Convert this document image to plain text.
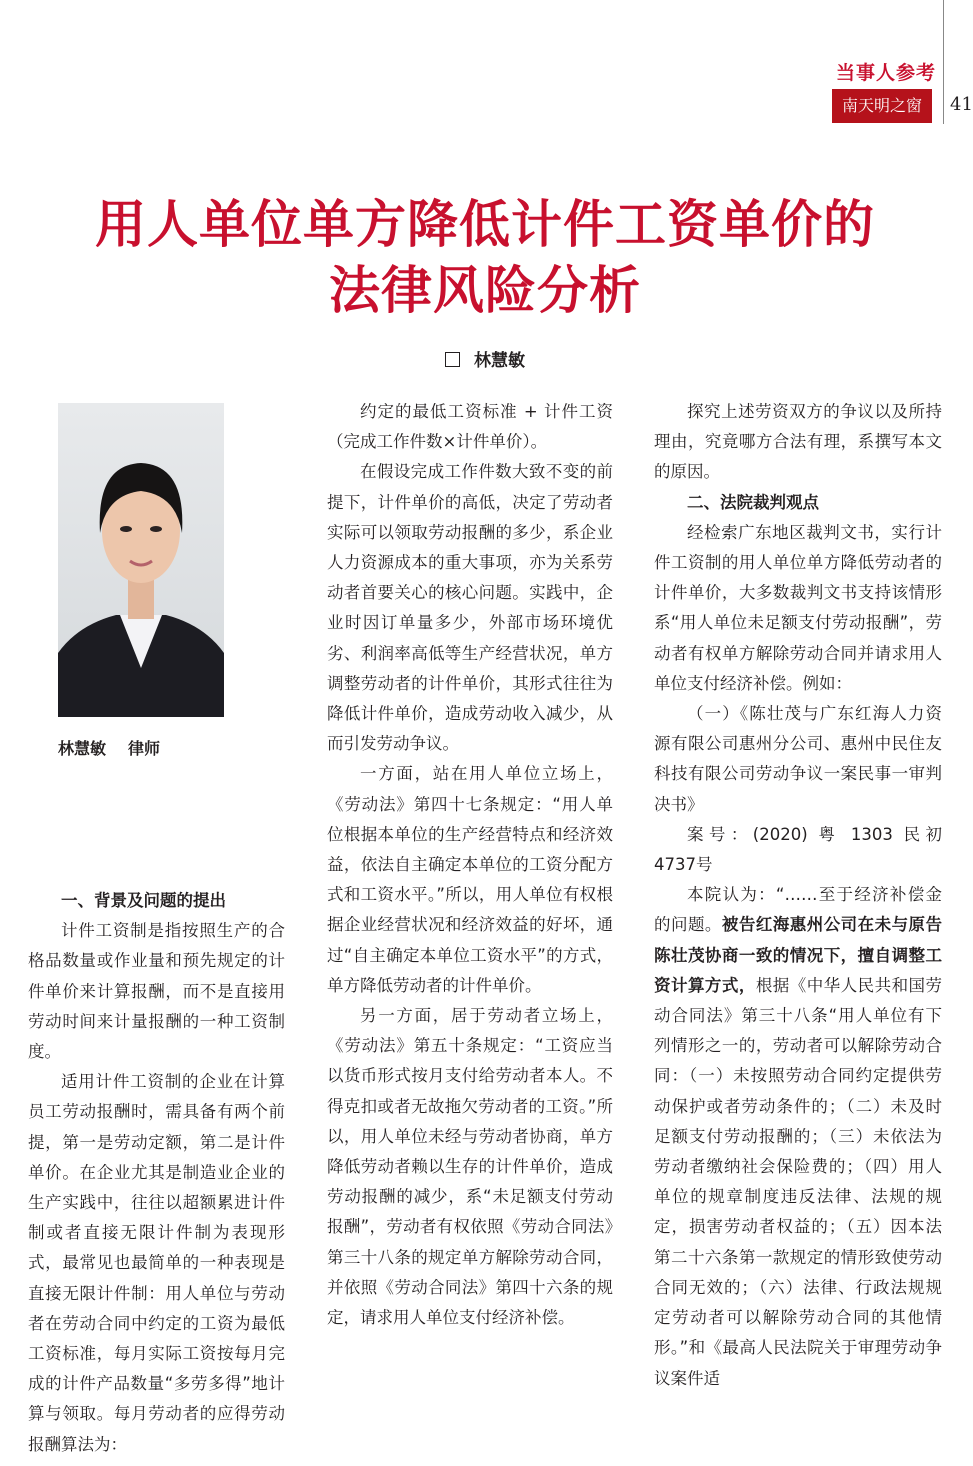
当事人参考
南天明之窗	41
用人单位单方降低计件工资单价的
法律风险分析
林慧敏
林慧敏 律师

一、背景及问题的提出

计件工资制是指按照生产的合格品数量或作业量和预先规定的计件单价来计算报酬，而不是直接用劳动时间来计量报酬的一种工资制度。

适用计件工资制的企业在计算员工劳动报酬时，需具备有两个前提，第一是劳动定额，第二是计件单价。在企业尤其是制造业企业的生产实践中，往往以超额累进计件制或者直接无限计件制为表现形式，最常见也最简单的一种表现是直接无限计件制：用人单位与劳动者在劳动合同中约定的工资为最低工资标准，每月实际工资按每月完成的计件产品数量“多劳多得”地计算与领取。每月劳动者的应得劳动报酬算法为：

约定的最低工资标准 + 计件工资（完成工作件数×计件单价）。

在假设完成工作件数大致不变的前提下，计件单价的高低，决定了劳动者实际可以领取劳动报酬的多少，系企业人力资源成本的重大事项，亦为关系劳动者首要关心的核心问题。实践中，企业时因订单量多少，外部市场环境优劣、利润率高低等生产经营状况，单方调整劳动者的计件单价，其形式往往为降低计件单价，造成劳动收入减少，从而引发劳动争议。

一方面，站在用人单位立场上，《劳动法》第四十七条规定：“用人单位根据本单位的生产经营特点和经济效益，依法自主确定本单位的工资分配方式和工资水平。”所以，用人单位有权根据企业经营状况和经济效益的好坏，通过“自主确定本单位工资水平”的方式，单方降低劳动者的计件单价。

另一方面，居于劳动者立场上，《劳动法》第五十条规定：“工资应当以货币形式按月支付给劳动者本人。不得克扣或者无故拖欠劳动者的工资。”所以，用人单位未经与劳动者协商，单方降低劳动者赖以生存的计件单价，造成劳动报酬的减少，系“未足额支付劳动报酬”，劳动者有权依照《劳动合同法》第三十八条的规定单方解除劳动合同，并依照《劳动合同法》第四十六条的规定，请求用人单位支付经济补偿。

探究上述劳资双方的争议以及所持理由，究竟哪方合法有理，系撰写本文的原因。

二、法院裁判观点

经检索广东地区裁判文书，实行计件工资制的用人单位单方降低劳动者的计件单价，大多数裁判文书支持该情形系“用人单位未足额支付劳动报酬”，劳动者有权单方解除劳动合同并请求用人单位支付经济补偿。例如：

（一）《陈壮茂与广东红海人力资源有限公司惠州分公司、惠州中民住友科技有限公司劳动争议一案民事一审判决书》

案号：(2020) 粤 1303 民初 4737号

本院认为：“……至于经济补偿金的问题。被告红海惠州公司在未与原告陈壮茂协商一致的情况下，擅自调整工资计算方式，根据《中华人民共和国劳动合同法》第三十八条“用人单位有下列情形之一的，劳动者可以解除劳动合同：（一）未按照劳动合同约定提供劳动保护或者劳动条件的；（二）未及时足额支付劳动报酬的；（三）未依法为劳动者缴纳社会保险费的；（四）用人单位的规章制度违反法律、法规的规定，损害劳动者权益的；（五）因本法第二十六条第一款规定的情形致使劳动合同无效的；（六）法律、行政法规规定劳动者可以解除劳动合同的其他情形。”和《最高人民法院关于审理劳动争议案件适
